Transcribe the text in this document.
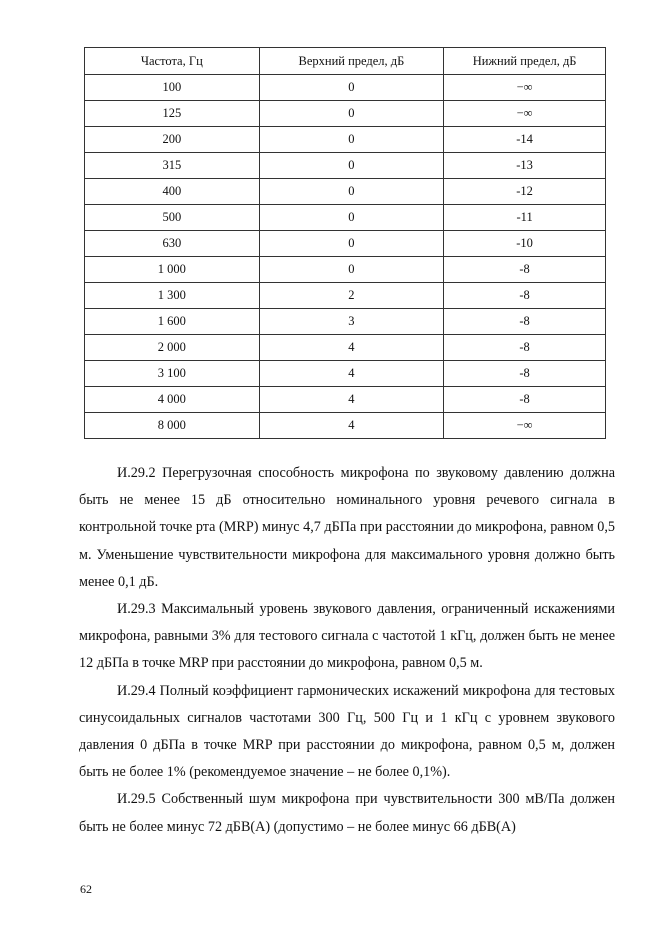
Частота, Гц	Верхний предел, дБ	Нижний предел, дБ
100	0	−∞
125	0	−∞
200	0	-14
315	0	-13
400	0	-12
500	0	-11
630	0	-10
1 000	0	-8
1 300	2	-8
1 600	3	-8
2 000	4	-8
3 100	4	-8
4 000	4	-8
8 000	4	−∞

И.29.2 Перегрузочная способность микрофона по звуковому давлению должна быть не менее 15 дБ относительно номинального уровня речевого сигнала в контрольной точке рта (MRP) минус 4,7 дБПа при расстоянии до микрофона, равном 0,5 м. Уменьшение чувствительности микрофона для максимального уровня должно быть менее 0,1 дБ.

И.29.3 Максимальный уровень звукового давления, ограниченный искажениями микрофона, равными 3% для тестового сигнала с частотой 1 кГц, должен быть не менее 12 дБПа в точке MRP при расстоянии до микрофона, равном 0,5 м.

И.29.4 Полный коэффициент гармонических искажений микрофона для тестовых синусоидальных сигналов частотами 300 Гц, 500 Гц и 1 кГц с уровнем звукового давления 0 дБПа в точке MRP при расстоянии до микрофона, равном 0,5 м, должен быть не более 1% (рекомендуемое значение – не более 0,1%).

И.29.5 Собственный шум микрофона при чувствительности 300 мВ/Па должен быть не более минус 72 дБВ(А) (допустимо – не более минус 66 дБВ(А)

62
